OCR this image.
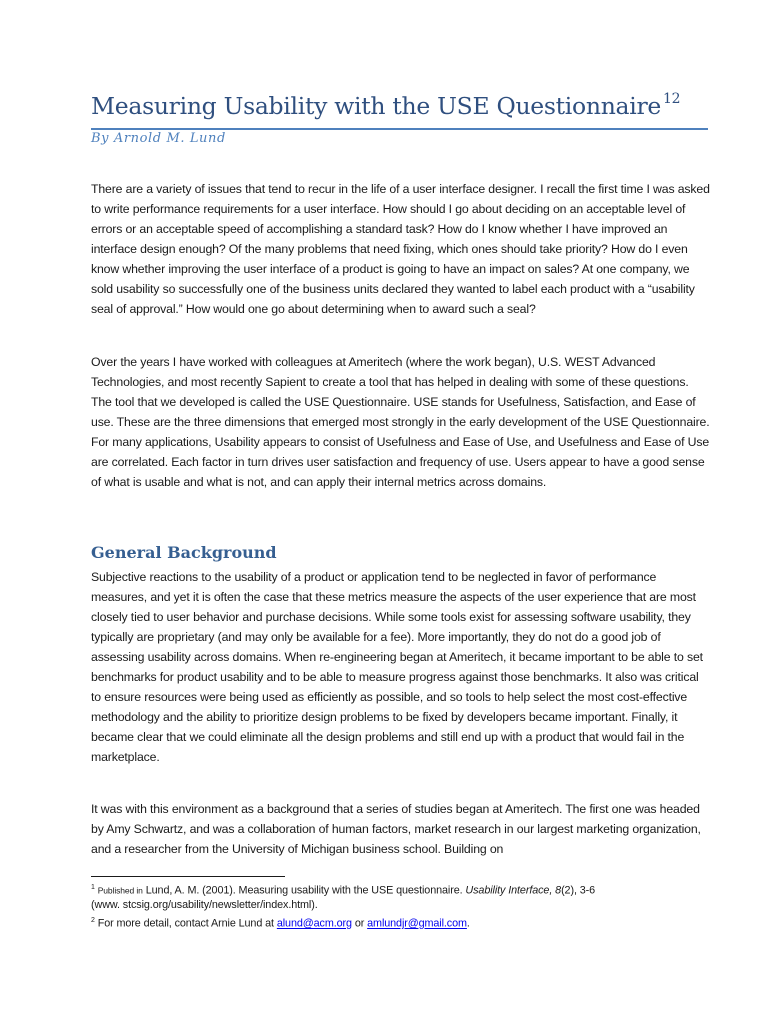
Measuring Usability with the USE Questionnaire $^{12}$

By Arnold M. Lund

There are a variety of issues that tend to recur in the life of a user interface designer. I recall the first time I was asked to write performance requirements for a user interface. How should I go about deciding on an acceptable level of errors or an acceptable speed of accomplishing a standard task? How do I know whether I have improved an interface design enough? Of the many problems that need fixing, which ones should take priority? How do I even know whether improving the user interface of a product is going to have an impact on sales? At one company, we sold usability so successfully one of the business units declared they wanted to label each product with a “usability seal of approval.” How would one go about determining when to award such a seal?

Over the years I have worked with colleagues at Ameritech (where the work began), U.S. WEST Advanced Technologies, and most recently Sapient to create a tool that has helped in dealing with some of these questions. The tool that we developed is called the USE Questionnaire. USE stands for Usefulness, Satisfaction, and Ease of use. These are the three dimensions that emerged most strongly in the early development of the USE Questionnaire. For many applications, Usability appears to consist of Usefulness and Ease of Use, and Usefulness and Ease of Use are correlated. Each factor in turn drives user satisfaction and frequency of use. Users appear to have a good sense of what is usable and what is not, and can apply their internal metrics across domains.

General Background

Subjective reactions to the usability of a product or application tend to be neglected in favor of performance measures, and yet it is often the case that these metrics measure the aspects of the user experience that are most closely tied to user behavior and purchase decisions. While some tools exist for assessing software usability, they typically are proprietary (and may only be available for a fee). More importantly, they do not do a good job of assessing usability across domains. When re-engineering began at Ameritech, it became important to be able to set benchmarks for product usability and to be able to measure progress against those benchmarks. It also was critical to ensure resources were being used as efficiently as possible, and so tools to help select the most cost-effective methodology and the ability to prioritize design problems to be fixed by developers became important. Finally, it became clear that we could eliminate all the design problems and still end up with a product that would fail in the marketplace.

It was with this environment as a background that a series of studies began at Ameritech. The first one was headed by Amy Schwartz, and was a collaboration of human factors, market research in our largest marketing organization, and a researcher from the University of Michigan business school. Building on

$^1$ Published in Lund, A. M. (2001). Measuring usability with the USE questionnaire. Usability Interface, 8(2), 3-6
(www. stcsig.org/usability/newsletter/index.html).

$^2$ For more detail, contact Arnie Lund at alund@acm.org or amlundjr@gmail.com.
